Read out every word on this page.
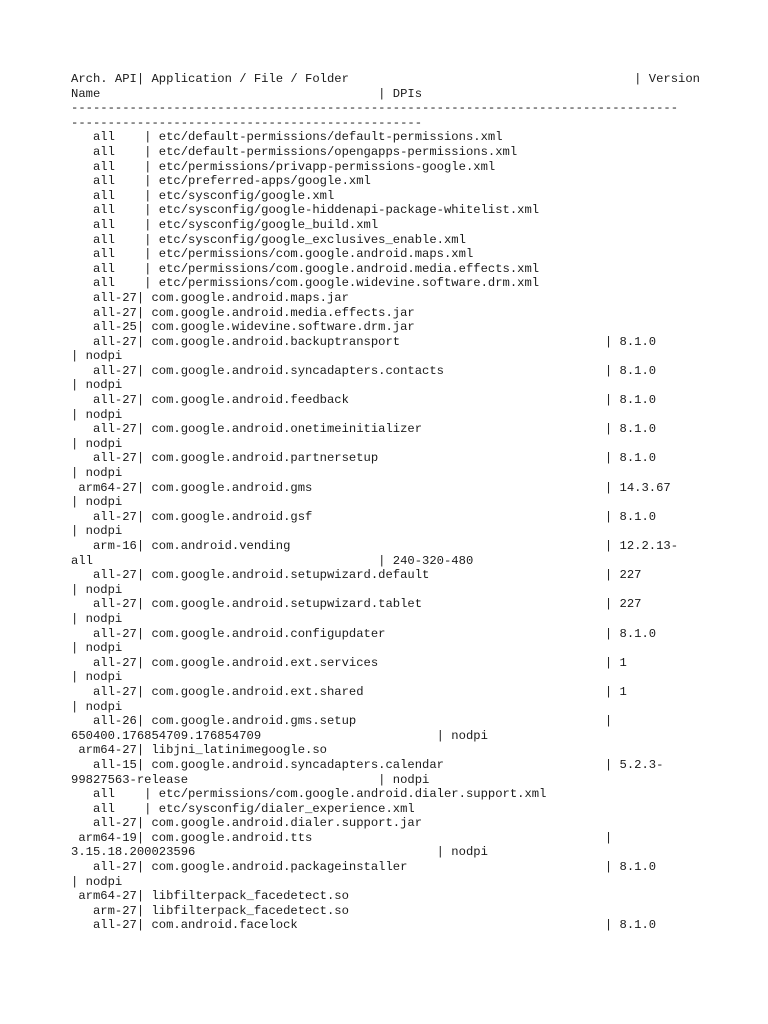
Arch. API| Application / File / Folder                                       | Version
Name                                      | DPIs
-----------------------------------------------------------------------------------
------------------------------------------------
all    | etc/default-permissions/default-permissions.xml
all    | etc/default-permissions/opengapps-permissions.xml
all    | etc/permissions/privapp-permissions-google.xml
all    | etc/preferred-apps/google.xml
all    | etc/sysconfig/google.xml
all    | etc/sysconfig/google-hiddenapi-package-whitelist.xml
all    | etc/sysconfig/google_build.xml
all    | etc/sysconfig/google_exclusives_enable.xml
all    | etc/permissions/com.google.android.maps.xml
all    | etc/permissions/com.google.android.media.effects.xml
all    | etc/permissions/com.google.widevine.software.drm.xml
all-27| com.google.android.maps.jar
all-27| com.google.android.media.effects.jar
all-25| com.google.widevine.software.drm.jar
all-27| com.google.android.backuptransport                            | 8.1.0
| nodpi
all-27| com.google.android.syncadapters.contacts                      | 8.1.0
| nodpi
all-27| com.google.android.feedback                                   | 8.1.0
| nodpi
all-27| com.google.android.onetimeinitializer                         | 8.1.0
| nodpi
all-27| com.google.android.partnersetup                               | 8.1.0
| nodpi
arm64-27| com.google.android.gms                                        | 14.3.67
| nodpi
all-27| com.google.android.gsf                                        | 8.1.0
| nodpi
arm-16| com.android.vending                                           | 12.2.13-
all                                       | 240-320-480
all-27| com.google.android.setupwizard.default                        | 227
| nodpi
all-27| com.google.android.setupwizard.tablet                         | 227
| nodpi
all-27| com.google.android.configupdater                              | 8.1.0
| nodpi
all-27| com.google.android.ext.services                               | 1
| nodpi
all-27| com.google.android.ext.shared                                 | 1
| nodpi
all-26| com.google.android.gms.setup                                  |
650400.176854709.176854709                        | nodpi
arm64-27| libjni_latinimegoogle.so
all-15| com.google.android.syncadapters.calendar                      | 5.2.3-
99827563-release                          | nodpi
all    | etc/permissions/com.google.android.dialer.support.xml
all    | etc/sysconfig/dialer_experience.xml
all-27| com.google.android.dialer.support.jar
arm64-19| com.google.android.tts                                        |
3.15.18.200023596                                 | nodpi
all-27| com.google.android.packageinstaller                           | 8.1.0
| nodpi
arm64-27| libfilterpack_facedetect.so
arm-27| libfilterpack_facedetect.so
all-27| com.android.facelock                                          | 8.1.0
